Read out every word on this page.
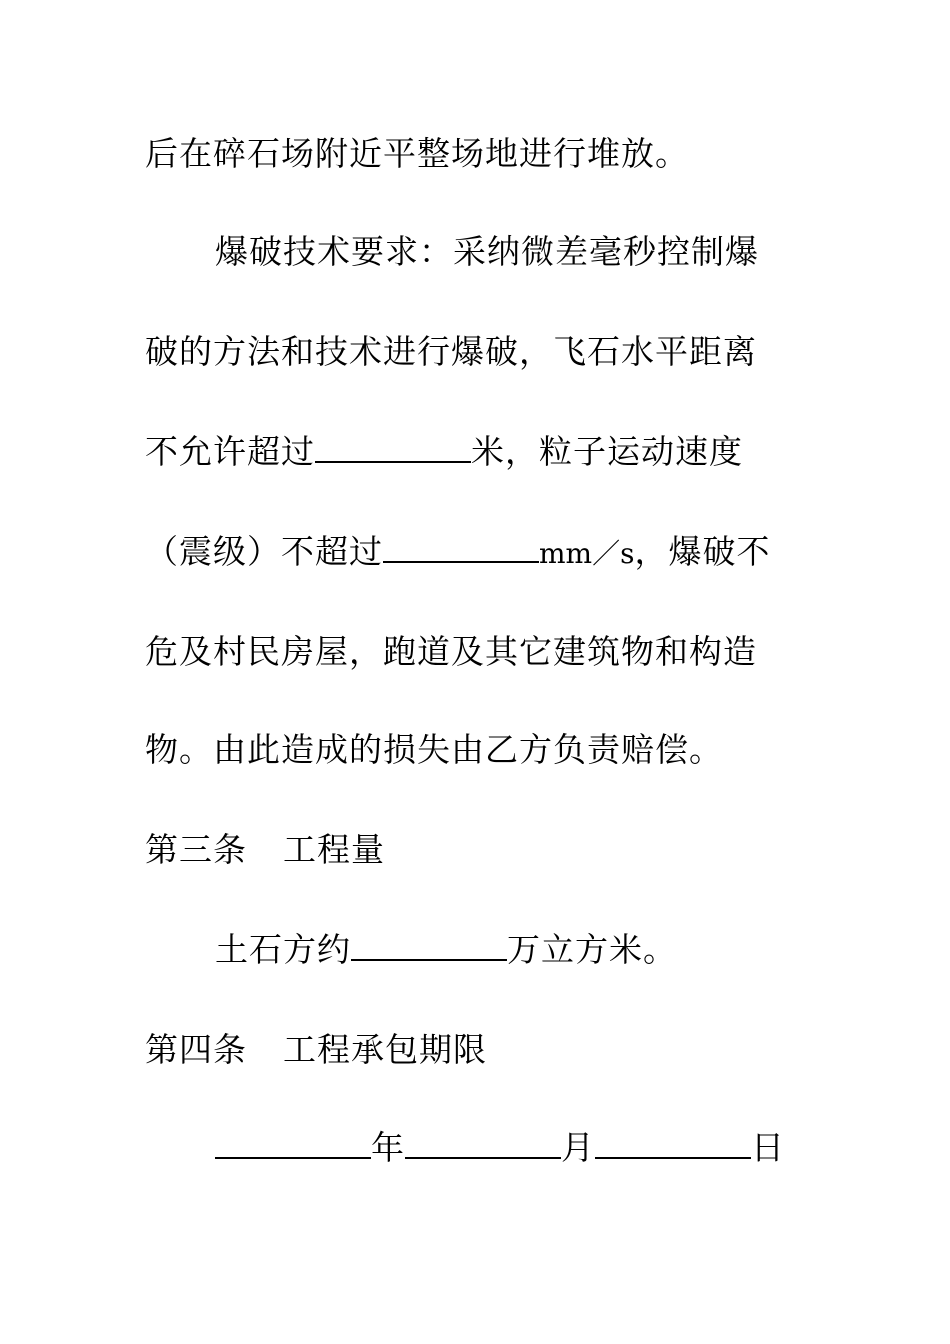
后在碎石场附近平整场地进行堆放。
爆破技术要求：采纳微差毫秒控制爆
破的方法和技术进行爆破，飞石水平距离
不允许超过	米，粒子运动速度
（震级）不超过	mm／s，爆破不
危及村民房屋，跑道及其它建筑物和构造
物。由此造成的损失由乙方负责赔偿。
第三条 工程量
土石方约	万立方米。
第四条 工程承包期限
年	月	日
